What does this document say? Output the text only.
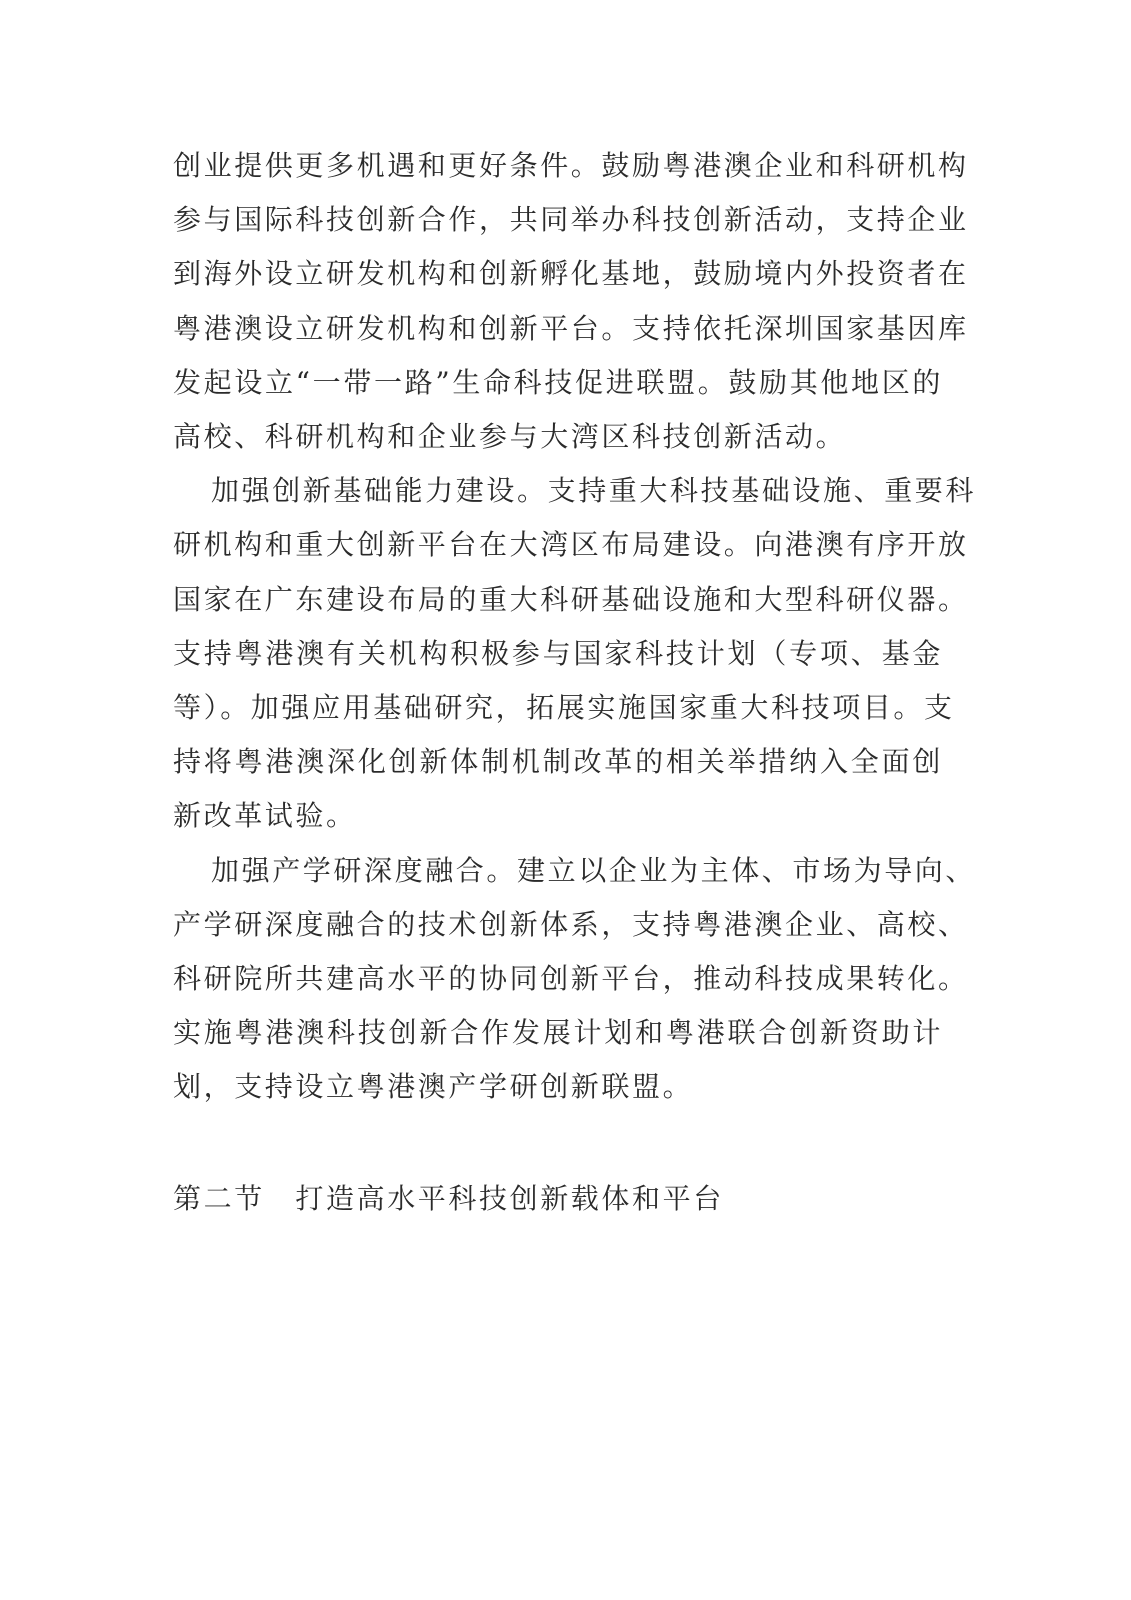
创业提供更多机遇和更好条件。鼓励粤港澳企业和科研机构
参与国际科技创新合作，共同举办科技创新活动，支持企业
到海外设立研发机构和创新孵化基地，鼓励境内外投资者在
粤港澳设立研发机构和创新平台。支持依托深圳国家基因库
发起设立“一带一路”生命科技促进联盟。鼓励其他地区的
高校、科研机构和企业参与大湾区科技创新活动。

加强创新基础能力建设。支持重大科技基础设施、重要科
研机构和重大创新平台在大湾区布局建设。向港澳有序开放
国家在广东建设布局的重大科研基础设施和大型科研仪器。
支持粤港澳有关机构积极参与国家科技计划（专项、基金
等）。加强应用基础研究，拓展实施国家重大科技项目。支
持将粤港澳深化创新体制机制改革的相关举措纳入全面创
新改革试验。

加强产学研深度融合。建立以企业为主体、市场为导向、
产学研深度融合的技术创新体系，支持粤港澳企业、高校、
科研院所共建高水平的协同创新平台，推动科技成果转化。
实施粤港澳科技创新合作发展计划和粤港联合创新资助计
划，支持设立粤港澳产学研创新联盟。

第二节　打造高水平科技创新载体和平台
